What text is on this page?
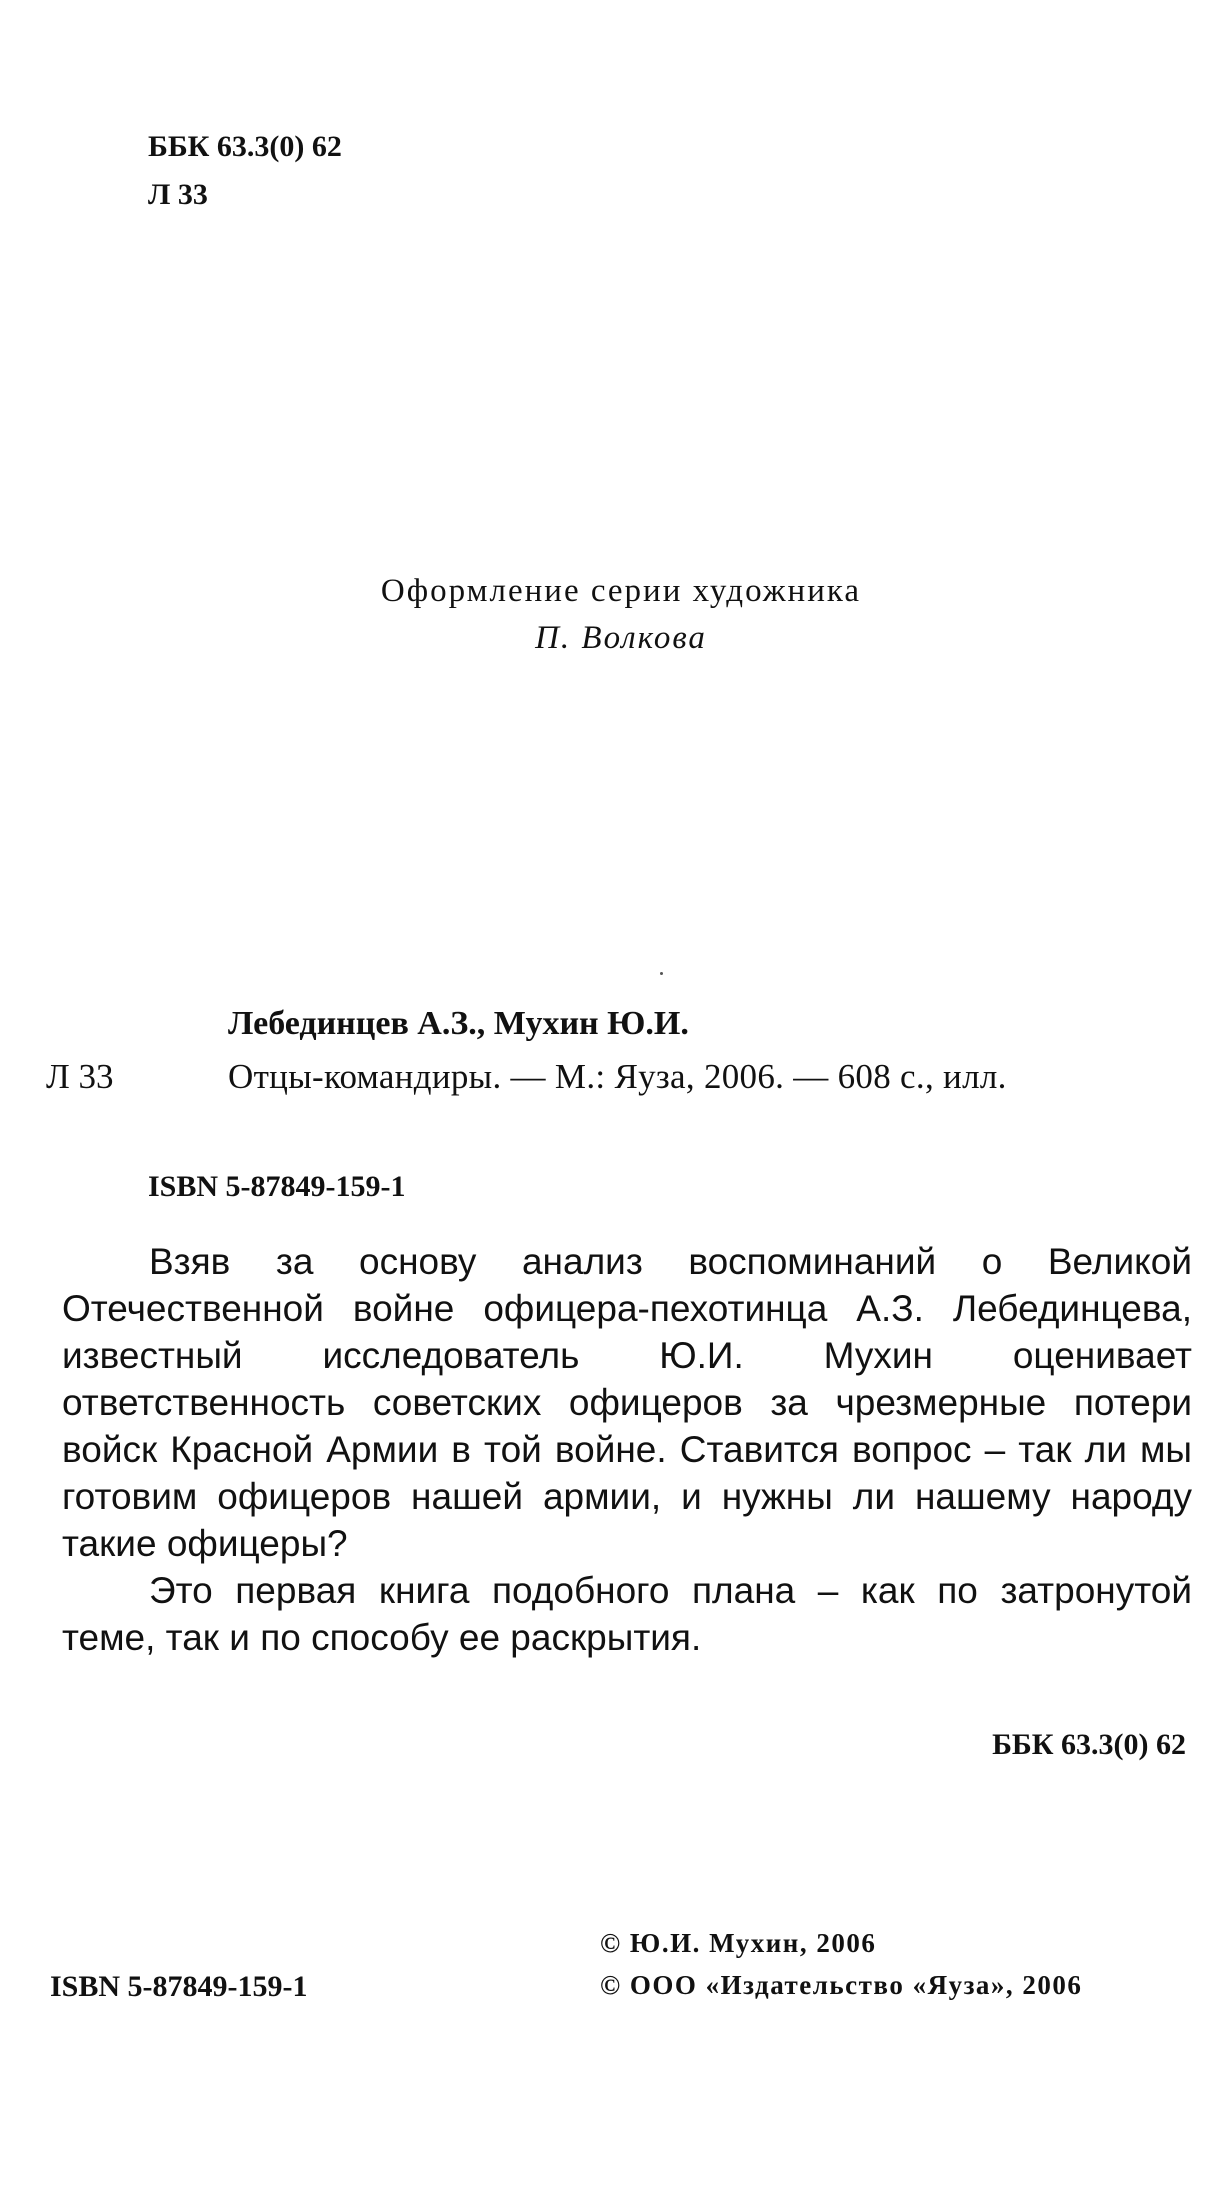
ББК 63.3(0) 62
Л 33
Оформление серии художника
П. Волкова
Лебединцев А.З., Мухин Ю.И.
Л 33	Отцы-командиры. — М.: Яуза, 2006. — 608 с., илл.
ISBN 5-87849-159-1

Взяв за основу анализ воспоминаний о Великой Отечественной войне офицера-пехотинца А.З. Лебединцева, известный исследователь Ю.И. Мухин оценивает ответственность советских офицеров за чрезмерные потери войск Красной Армии в той войне. Ставится вопрос – так ли мы готовим офицеров нашей армии, и нужны ли нашему народу такие офицеры?

Это первая книга подобного плана – как по затронутой теме, так и по способу ее раскрытия.

ББК 63.3(0) 62
© Ю.И. Мухин, 2006
ISBN 5-87849-159-1	© ООО «Издательство «Яуза», 2006
